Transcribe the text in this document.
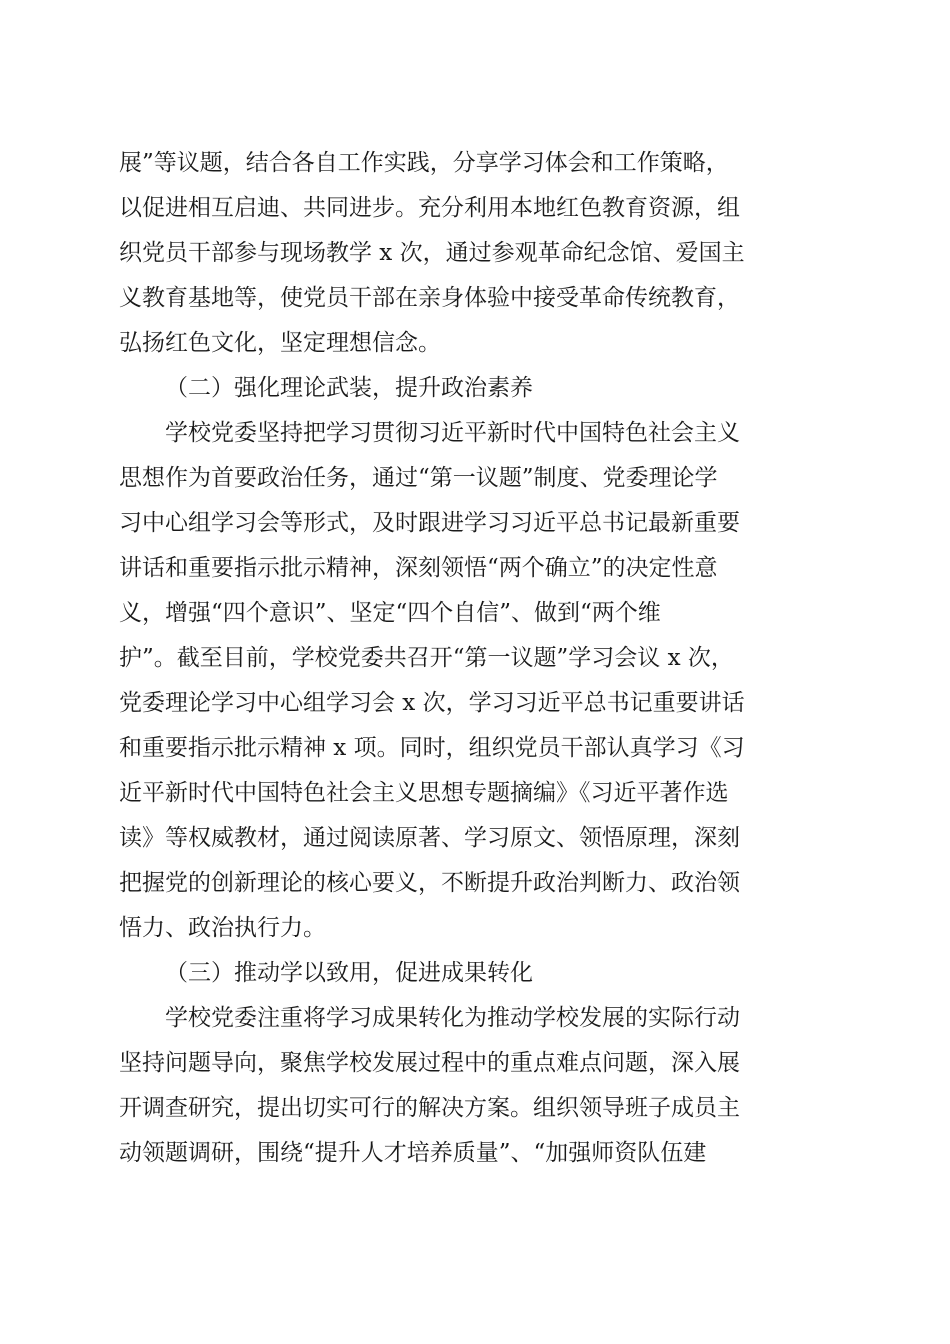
展”等议题，结合各自工作实践，分享学习体会和工作策略，
以促进相互启迪、共同进步。充分利用本地红色教育资源，组
织党员干部参与现场教学 x 次，通过参观革命纪念馆、爱国主
义教育基地等，使党员干部在亲身体验中接受革命传统教育，
弘扬红色文化，坚定理想信念。
（二）强化理论武装，提升政治素养
学校党委坚持把学习贯彻习近平新时代中国特色社会主义
思想作为首要政治任务，通过“第一议题”制度、党委理论学
习中心组学习会等形式，及时跟进学习习近平总书记最新重要
讲话和重要指示批示精神，深刻领悟“两个确立”的决定性意
义，增强“四个意识”、坚定“四个自信”、做到“两个维
护”。截至目前，学校党委共召开“第一议题”学习会议 x 次，
党委理论学习中心组学习会 x 次，学习习近平总书记重要讲话
和重要指示批示精神 x 项。同时，组织党员干部认真学习《习
近平新时代中国特色社会主义思想专题摘编》《习近平著作选
读》等权威教材，通过阅读原著、学习原文、领悟原理，深刻
把握党的创新理论的核心要义，不断提升政治判断力、政治领
悟力、政治执行力。
（三）推动学以致用，促进成果转化
学校党委注重将学习成果转化为推动学校发展的实际行动
坚持问题导向，聚焦学校发展过程中的重点难点问题，深入展
开调查研究，提出切实可行的解决方案。组织领导班子成员主
动领题调研，围绕“提升人才培养质量”、“加强师资队伍建
